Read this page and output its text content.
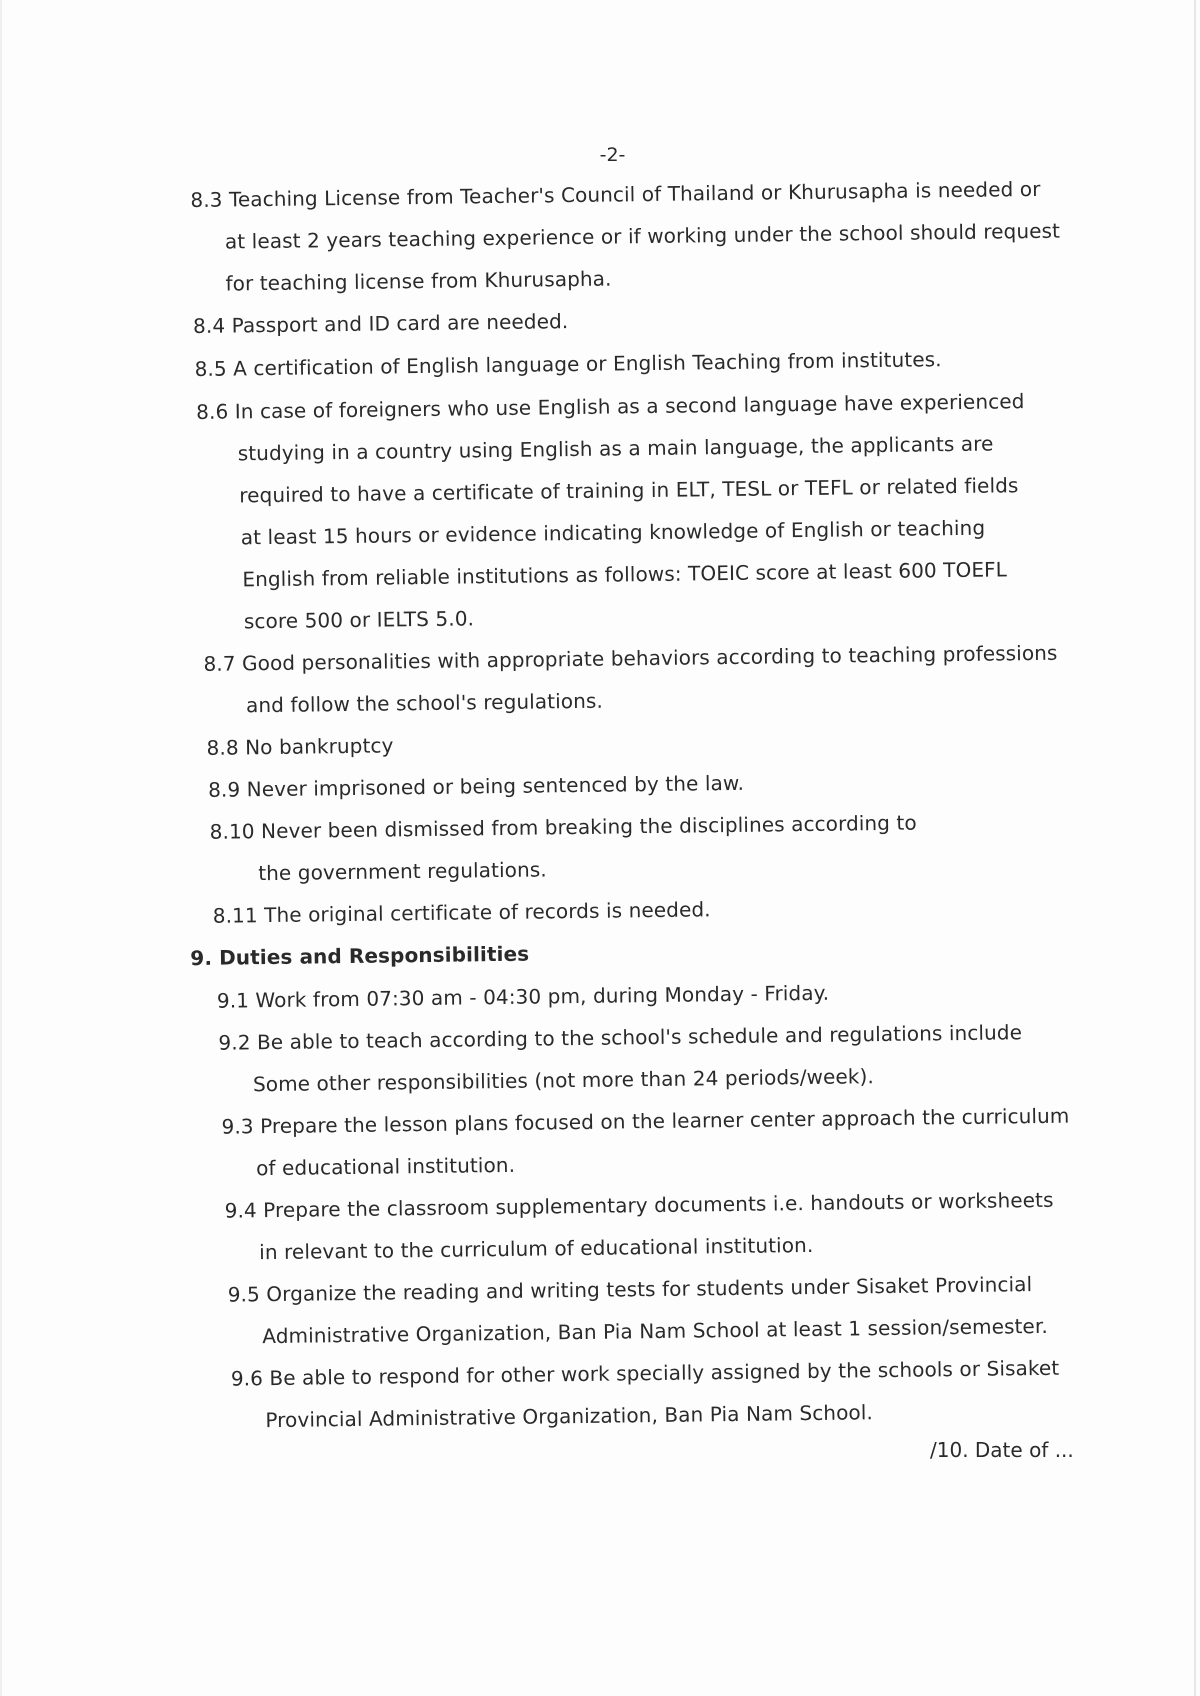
-2-
8.3 Teaching License from Teacher's Council of Thailand or Khurusapha is needed or
at least 2 years teaching experience or if working under the school should request
for teaching license from Khurusapha.
8.4 Passport and ID card are needed.
8.5 A certification of English language or English Teaching from institutes.
8.6 In case of foreigners who use English as a second language have experienced
studying in a country using English as a main language, the applicants are
required to have a certificate of training in ELT, TESL or TEFL or related fields
at least 15 hours or evidence indicating knowledge of English or teaching
English from reliable institutions as follows: TOEIC score at least 600 TOEFL
score 500 or IELTS 5.0.
8.7 Good personalities with appropriate behaviors according to teaching professions
and follow the school's regulations.
8.8 No bankruptcy
8.9 Never imprisoned or being sentenced by the law.
8.10 Never been dismissed from breaking the disciplines according to
the government regulations.
8.11 The original certificate of records is needed.
9. Duties and Responsibilities
9.1 Work from 07:30 am - 04:30 pm, during Monday - Friday.
9.2 Be able to teach according to the school's schedule and regulations include
Some other responsibilities (not more than 24 periods/week).
9.3 Prepare the lesson plans focused on the learner center approach the curriculum
of educational institution.
9.4 Prepare the classroom supplementary documents i.e. handouts or worksheets
in relevant to the curriculum of educational institution.
9.5 Organize the reading and writing tests for students under Sisaket Provincial
Administrative Organization, Ban Pia Nam School at least 1 session/semester.
9.6 Be able to respond for other work specially assigned by the schools or Sisaket
Provincial Administrative Organization, Ban Pia Nam School.
/10. Date of ...
